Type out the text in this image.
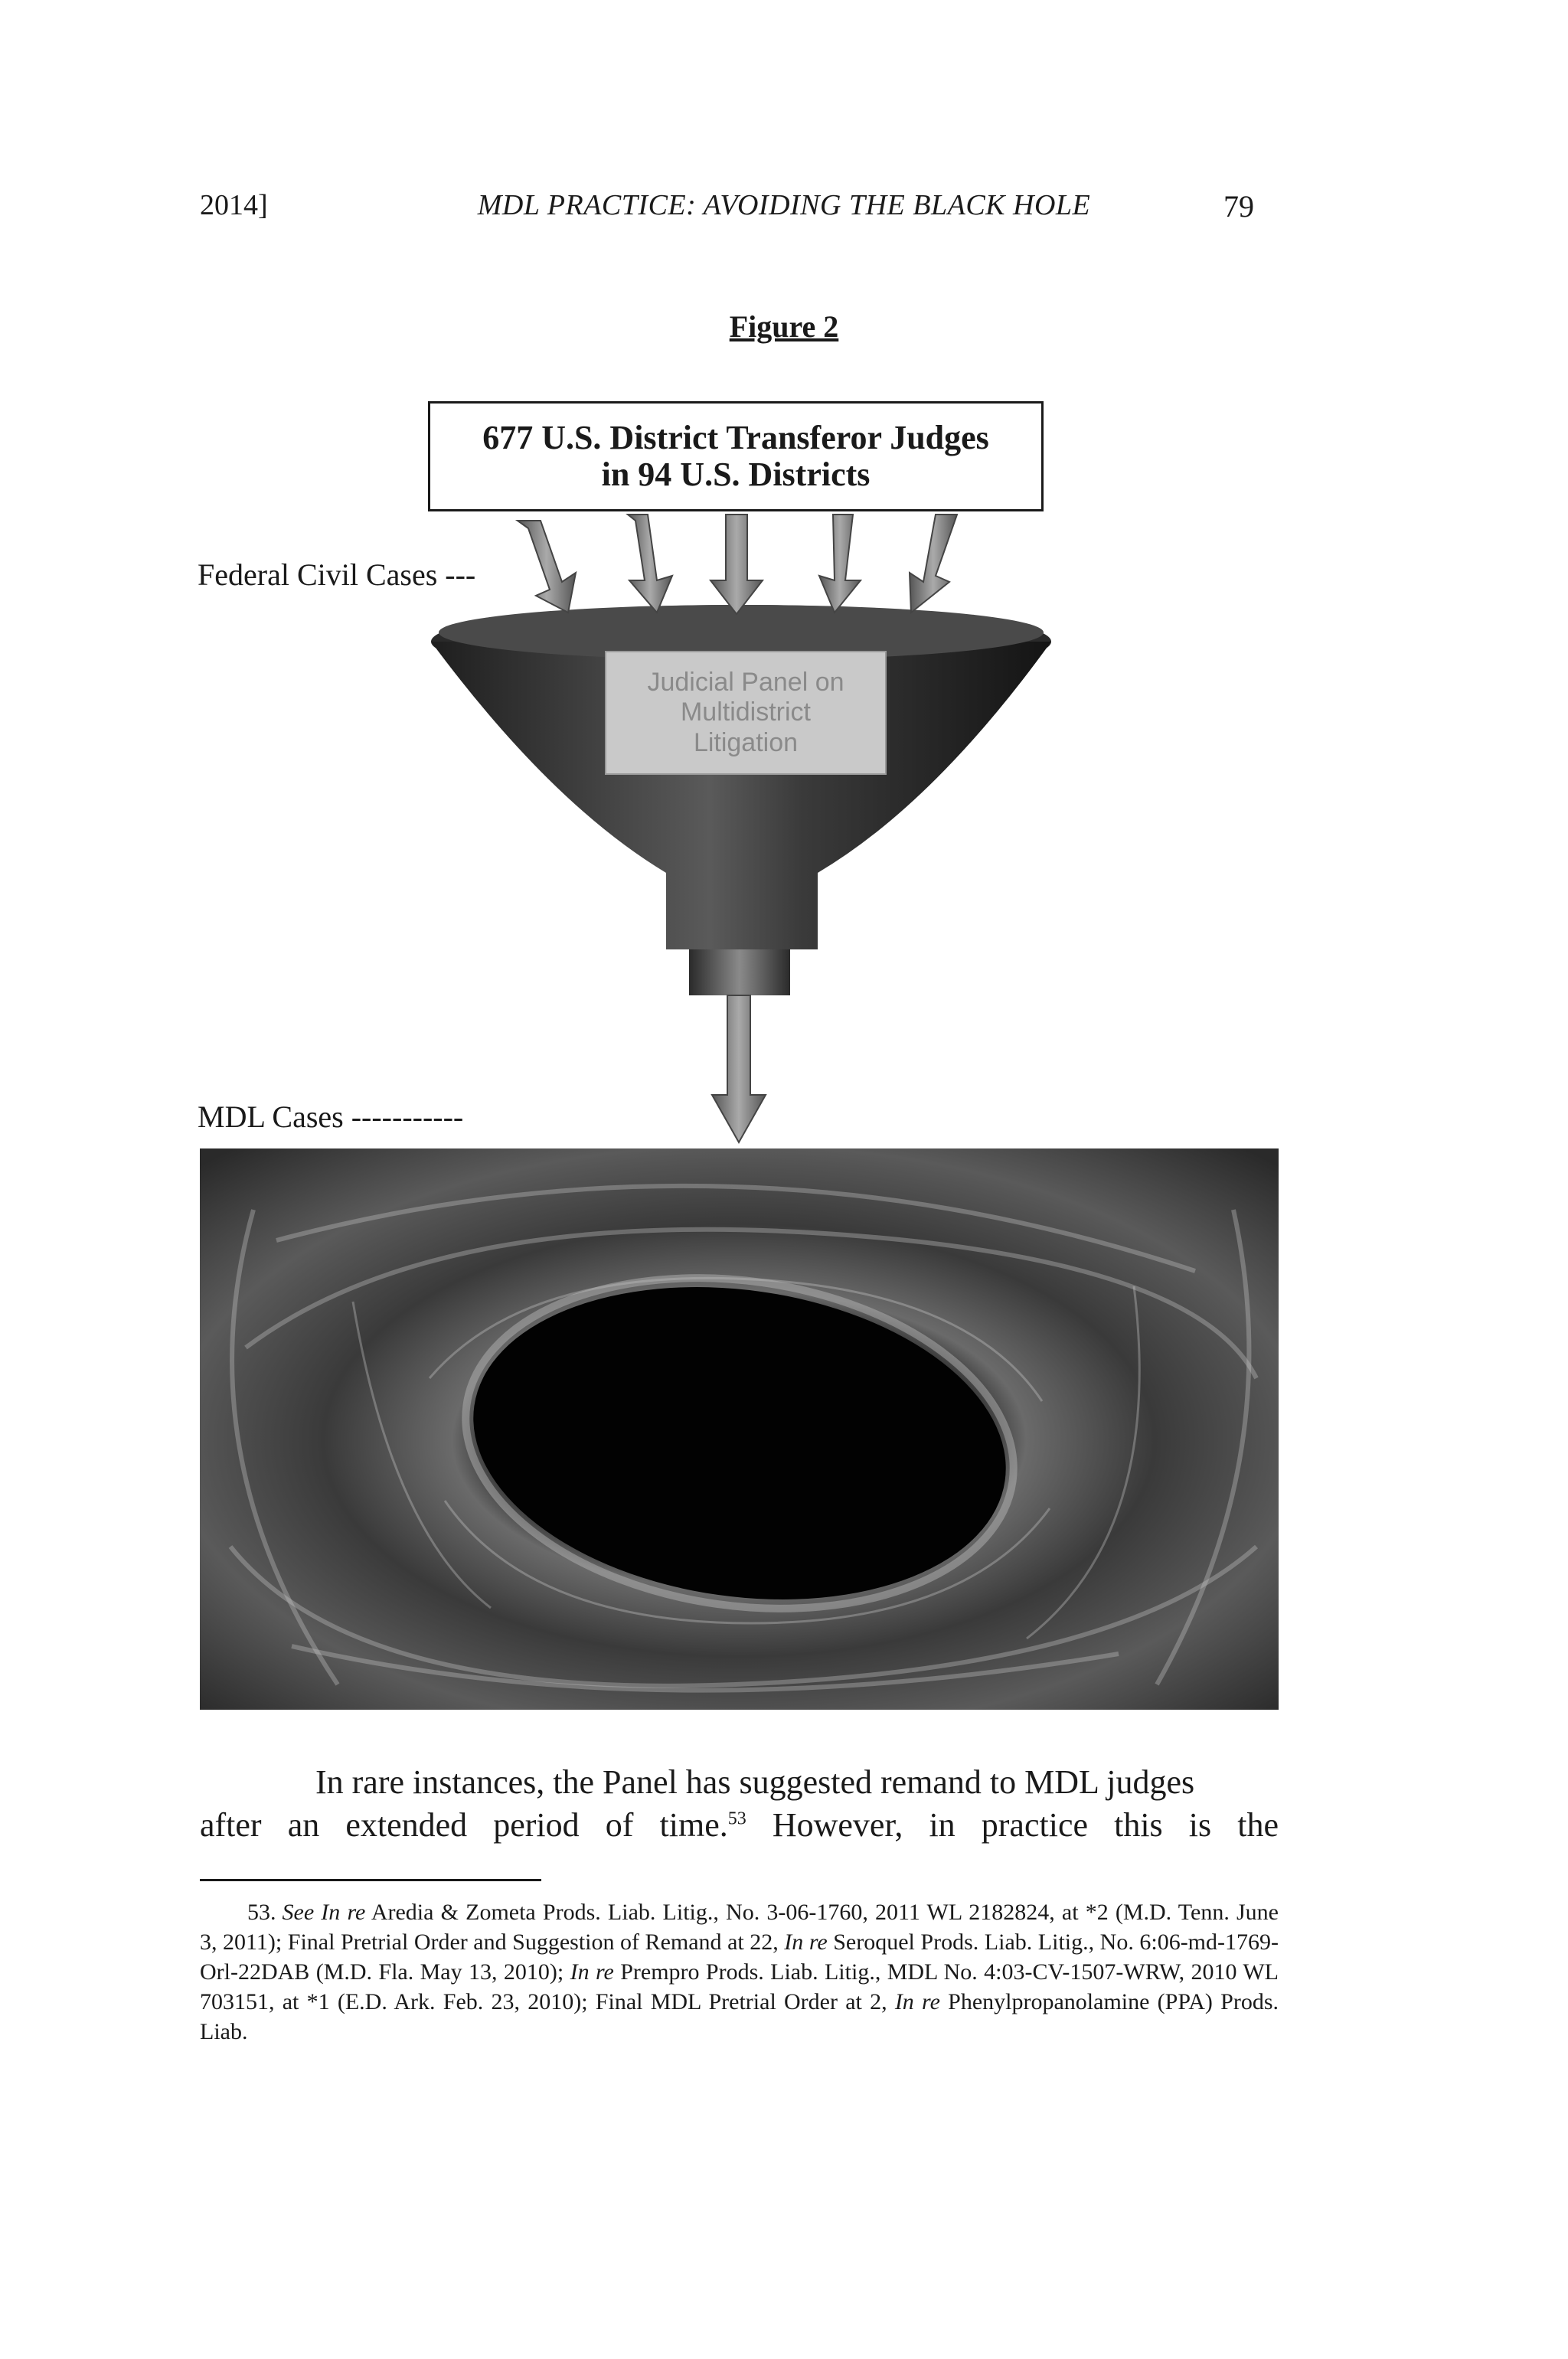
2014]	MDL PRACTICE: AVOIDING THE BLACK HOLE	79
Figure 2
677 U.S. District Transferor Judges
in 94 U.S. Districts
Federal Civil Cases ---
MDL Cases -----------
Judicial Panel on
Multidistrict
Litigation
In rare instances, the Panel has suggested remand to MDL judges
after an extended period of time.$^{53}$ However, in practice this is the
53. See In re Aredia & Zometa Prods. Liab. Litig., No. 3-06-1760, 2011 WL 2182824, at *2 (M.D. Tenn. June 3, 2011); Final Pretrial Order and Suggestion of Remand at 22, In re Seroquel Prods. Liab. Litig., No. 6:06-md-1769-Orl-22DAB (M.D. Fla. May 13, 2010); In re Prempro Prods. Liab. Litig., MDL No. 4:03-CV-1507-WRW, 2010 WL 703151, at *1 (E.D. Ark. Feb. 23, 2010); Final MDL Pretrial Order at 2, In re Phenylpropanolamine (PPA) Prods. Liab.
